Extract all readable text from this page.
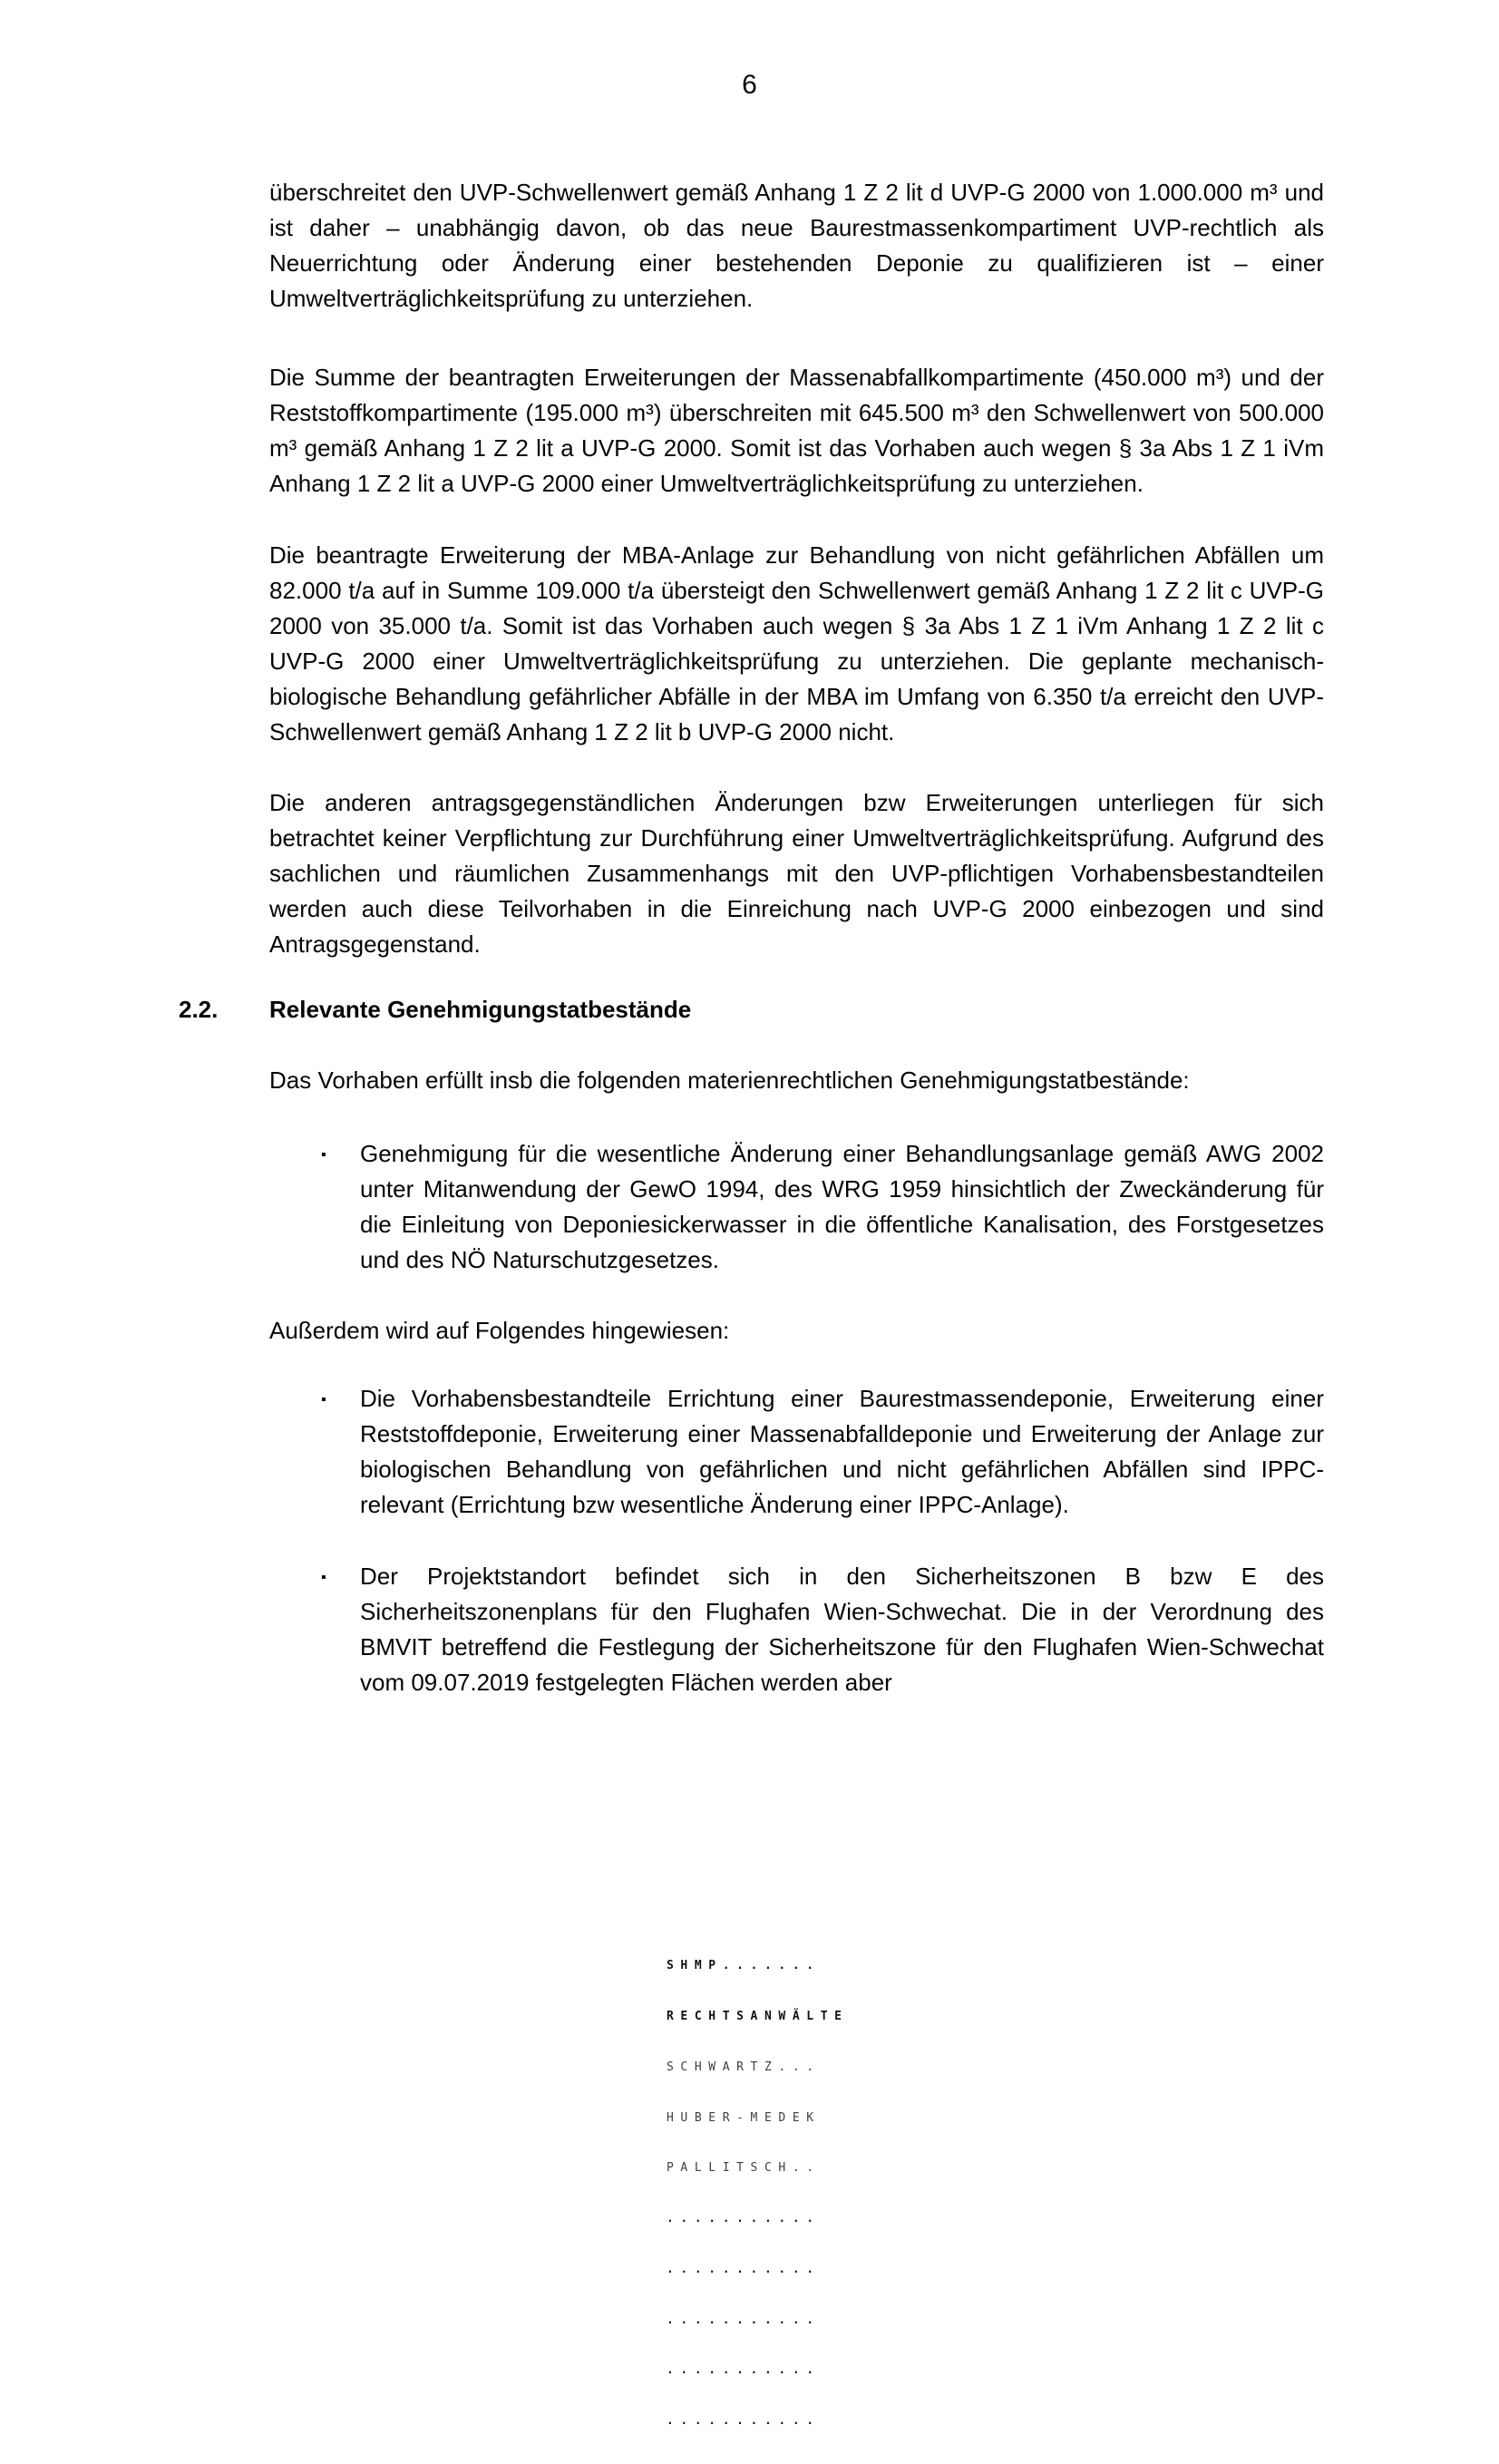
6

überschreitet den UVP-Schwellenwert gemäß Anhang 1 Z 2 lit d UVP-G 2000 von 1.000.000 m³ und ist daher – unabhängig davon, ob das neue Baurestmassenkompartiment UVP-rechtlich als Neuerrichtung oder Änderung einer bestehenden Deponie zu qualifizieren ist – einer Umweltverträglichkeitsprüfung zu unterziehen.

Die Summe der beantragten Erweiterungen der Massenabfallkompartimente (450.000 m³) und der Reststoffkompartimente (195.000 m³) überschreiten mit 645.500 m³ den Schwellenwert von 500.000 m³ gemäß Anhang 1 Z 2 lit a UVP-G 2000. Somit ist das Vorhaben auch wegen § 3a Abs 1 Z 1 iVm Anhang 1 Z 2 lit a UVP-G 2000 einer Umweltverträglichkeitsprüfung zu unterziehen.

Die beantragte Erweiterung der MBA-Anlage zur Behandlung von nicht gefährlichen Abfällen um 82.000 t/a auf in Summe 109.000 t/a übersteigt den Schwellenwert gemäß Anhang 1 Z 2 lit c UVP-G 2000 von 35.000 t/a. Somit ist das Vorhaben auch wegen § 3a Abs 1 Z 1 iVm Anhang 1 Z 2 lit c UVP-G 2000 einer Umweltverträglichkeitsprüfung zu unterziehen. Die geplante mechanisch-biologische Behandlung gefährlicher Abfälle in der MBA im Umfang von 6.350 t/a erreicht den UVP-Schwellenwert gemäß Anhang 1 Z 2 lit b UVP-G 2000 nicht.

Die anderen antragsgegenständlichen Änderungen bzw Erweiterungen unterliegen für sich betrachtet keiner Verpflichtung zur Durchführung einer Umweltverträglichkeitsprüfung. Aufgrund des sachlichen und räumlichen Zusammenhangs mit den UVP-pflichtigen Vorhabensbestandteilen werden auch diese Teilvorhaben in die Einreichung nach UVP-G 2000 einbezogen und sind Antragsgegenstand.

2.2. Relevante Genehmigungstatbestände

Das Vorhaben erfüllt insb die folgenden materienrechtlichen Genehmigungstatbestände:

▪ Genehmigung für die wesentliche Änderung einer Behandlungsanlage gemäß AWG 2002 unter Mitanwendung der GewO 1994, des WRG 1959 hinsichtlich der Zweckänderung für die Einleitung von Deponiesickerwasser in die öffentliche Kanalisation, des Forstgesetzes und des NÖ Naturschutzgesetzes.

Außerdem wird auf Folgendes hingewiesen:

▪ Die Vorhabensbestandteile Errichtung einer Baurestmassendeponie, Erweiterung einer Reststoffdeponie, Erweiterung einer Massenabfalldeponie und Erweiterung der Anlage zur biologischen Behandlung von gefährlichen und nicht gefährlichen Abfällen sind IPPC-relevant (Errichtung bzw wesentliche Änderung einer IPPC-Anlage).
▪ Der Projektstandort befindet sich in den Sicherheitszonen B bzw E des Sicherheitszonenplans für den Flughafen Wien-Schwechat. Die in der Verordnung des BMVIT betreffend die Festlegung der Sicherheitszone für den Flughafen Wien-Schwechat vom 09.07.2019 festgelegten Flächen werden aber

SHMP.......

RECHTSANWÄLTE

SCHWARTZ...

HUBER-MEDEK

PALLITSCH..

...........

...........

...........

...........

...........
